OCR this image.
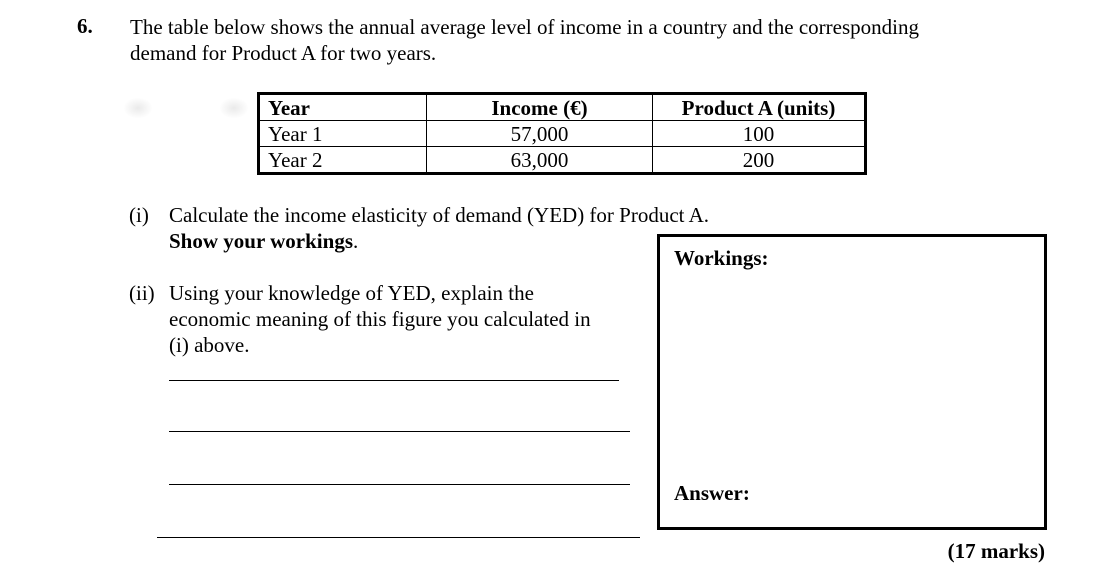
6. The table below shows the annual average level of income in a country and the corresponding
demand for Product A for two years.
Year	Income (€)	Product A (units)
Year 1	57,000	100
Year 2	63,000	200
(i) Calculate the income elasticity of demand (YED) for Product A.
Show your workings.
(ii) Using your knowledge of YED, explain the
economic meaning of this figure you calculated in
(i) above.
Workings:
Answer:
(17 marks)
